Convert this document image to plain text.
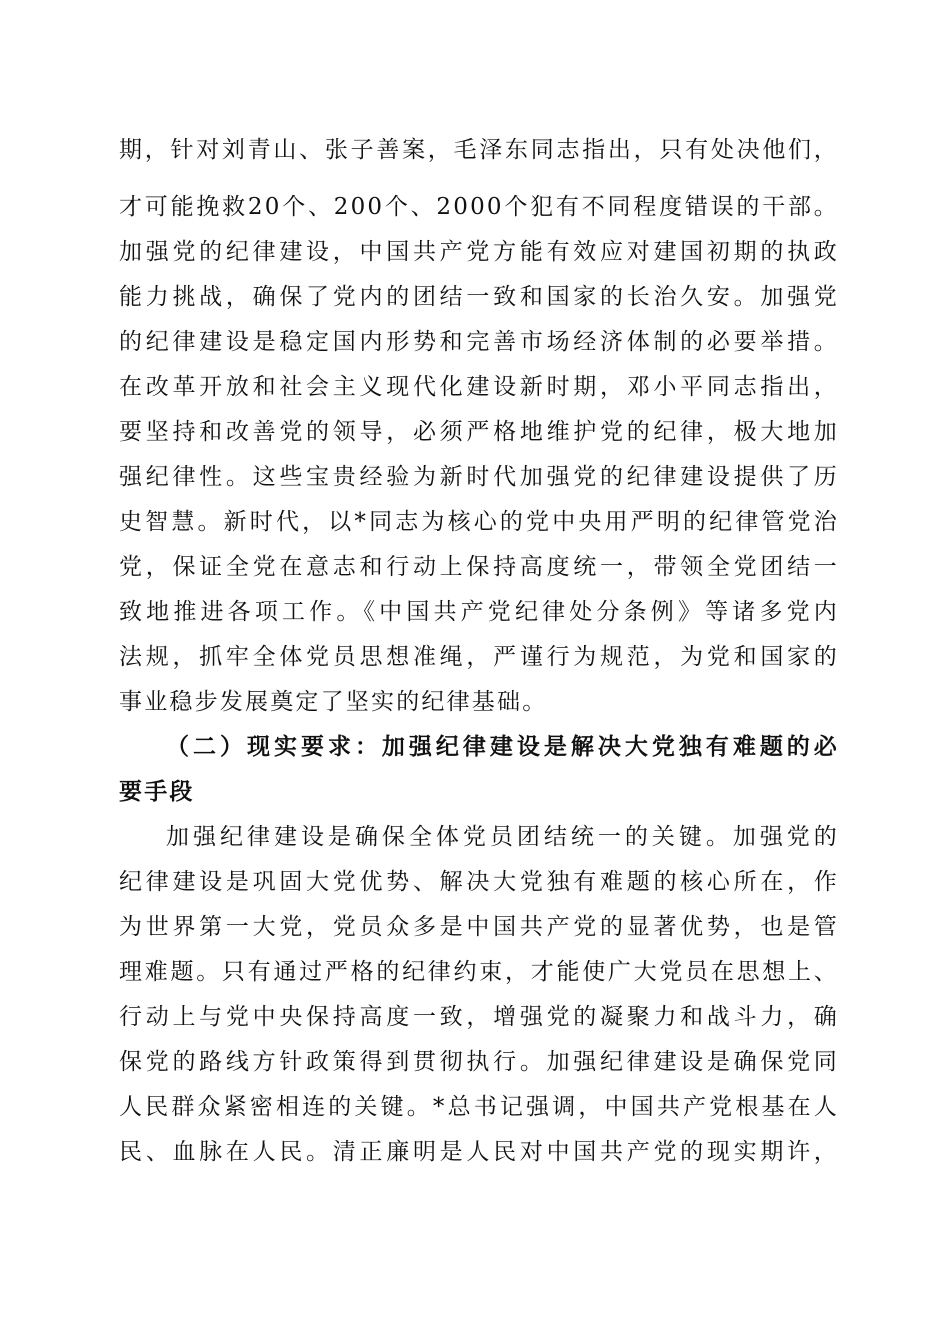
期，针对刘青山、张子善案，毛泽东同志指出，只有处决他们，
才可能挽救20个、200个、2000个犯有不同程度错误的干部。
加强党的纪律建设，中国共产党方能有效应对建国初期的执政
能力挑战，确保了党内的团结一致和国家的长治久安。加强党
的纪律建设是稳定国内形势和完善市场经济体制的必要举措。
在改革开放和社会主义现代化建设新时期，邓小平同志指出，
要坚持和改善党的领导，必须严格地维护党的纪律，极大地加
强纪律性。这些宝贵经验为新时代加强党的纪律建设提供了历
史智慧。新时代，以*同志为核心的党中央用严明的纪律管党治
党，保证全党在意志和行动上保持高度统一，带领全党团结一
致地推进各项工作。《中国共产党纪律处分条例》等诸多党内
法规，抓牢全体党员思想准绳，严谨行为规范，为党和国家的
事业稳步发展奠定了坚实的纪律基础。
（二）现实要求：加强纪律建设是解决大党独有难题的必
要手段
加强纪律建设是确保全体党员团结统一的关键。加强党的
纪律建设是巩固大党优势、解决大党独有难题的核心所在，作
为世界第一大党，党员众多是中国共产党的显著优势，也是管
理难题。只有通过严格的纪律约束，才能使广大党员在思想上、
行动上与党中央保持高度一致，增强党的凝聚力和战斗力，确
保党的路线方针政策得到贯彻执行。加强纪律建设是确保党同
人民群众紧密相连的关键。*总书记强调，中国共产党根基在人
民、血脉在人民。清正廉明是人民对中国共产党的现实期许，
